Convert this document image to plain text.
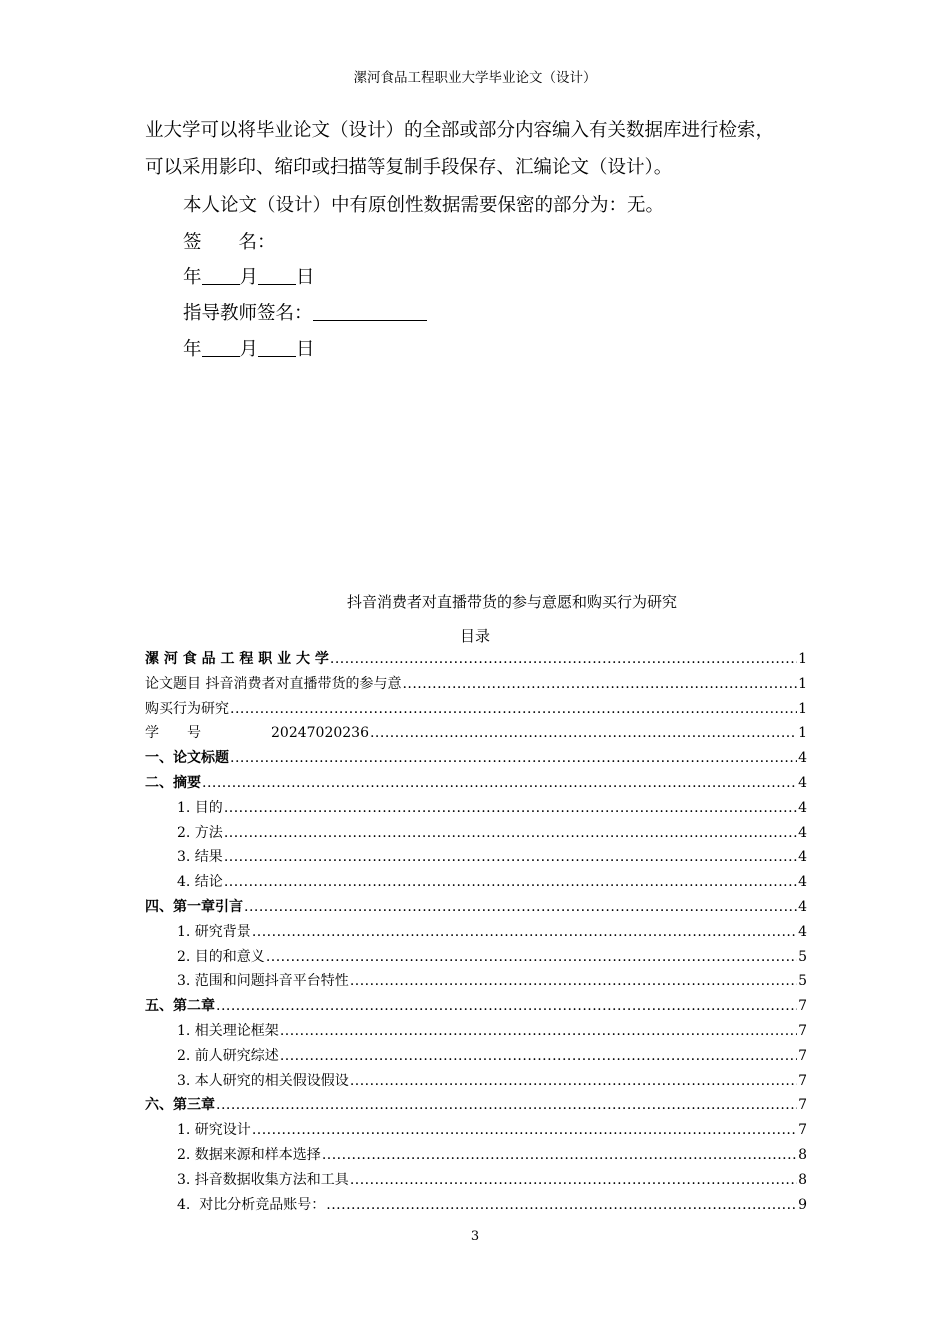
漯河食品工程职业大学毕业论文（设计）
业大学可以将毕业论文（设计）的全部或部分内容编入有关数据库进行检索，
可以采用影印、缩印或扫描等复制手段保存、汇编论文（设计）。
本人论文（设计）中有原创性数据需要保密的部分为：无。
签　　名：
年 月 日
指导教师签名：
年 月 日
抖音消费者对直播带货的参与意愿和购买行为研究
目录
漯 河 食 品 工 程 职 业 大 学 .....	1
论文题目 抖音消费者对直播带货的参与意 .....	1
购买行为研究 .....	1
学　　号　　　　　20247020236 .....	1
一、论文标题 .....	4
二、摘要 .....	4
1. 目的 .....	4
2. 方法 .....	4
3. 结果 .....	4
4. 结论 .....	4
四、第一章引言 .....	4
1. 研究背景 .....	4
2. 目的和意义 .....	5
3. 范围和问题抖音平台特性 .....	5
五、第二章 .....	7
1. 相关理论框架 .....	7
2. 前人研究综述 .....	7
3. 本人研究的相关假设假设 .....	7
六、第三章 .....	7
1. 研究设计 .....	7
2. 数据来源和样本选择 .....	8
3. 抖音数据收集方法和工具 .....	8
4.  对比分析竞品账号： .....	9
3
